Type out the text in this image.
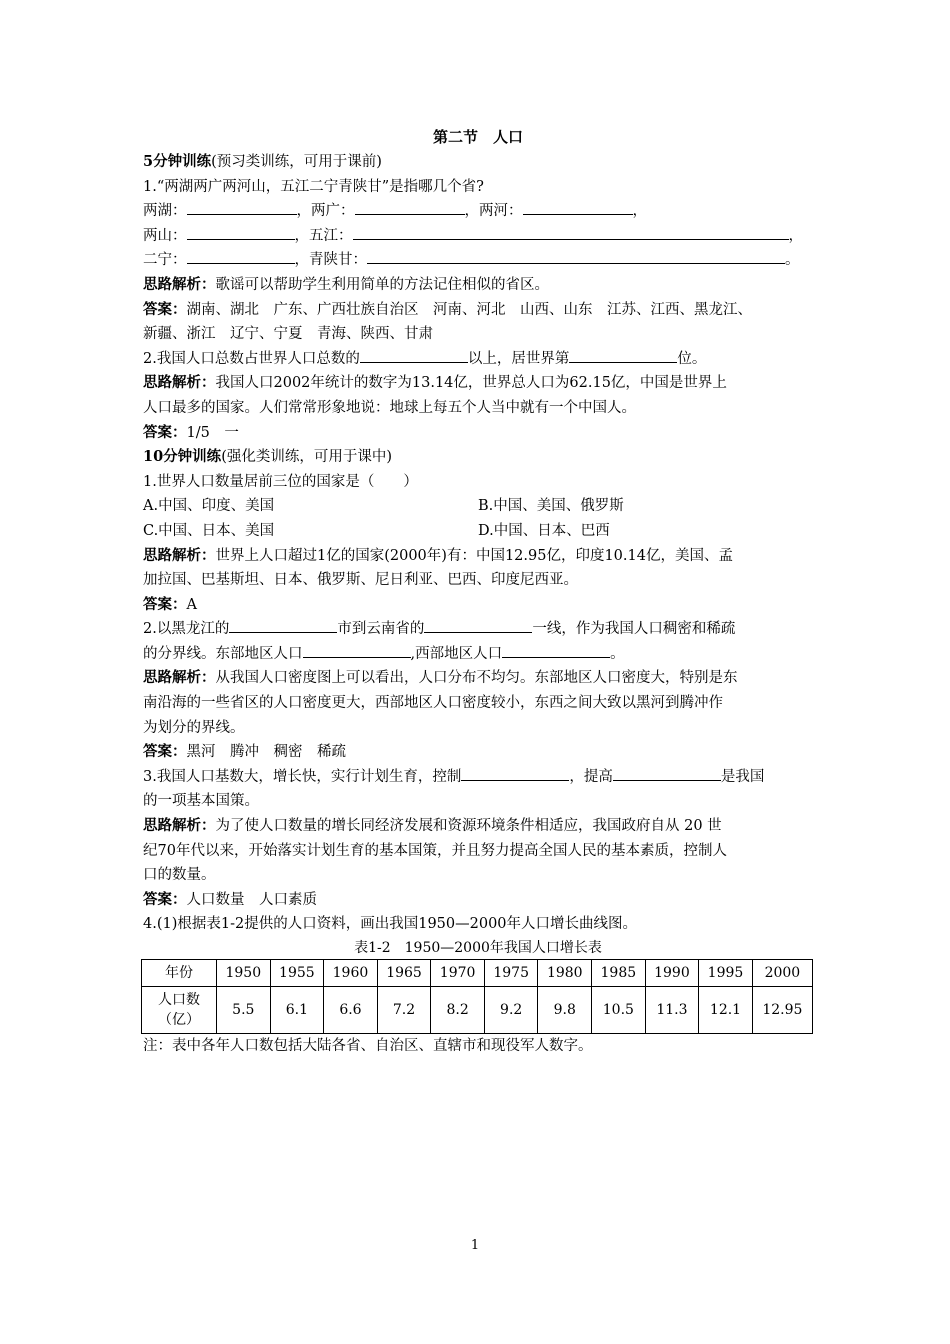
第二节　人口
5分钟训练(预习类训练，可用于课前)
1.“两湖两广两河山，五江二宁青陕甘”是指哪几个省?
两湖：	，两广：	，两河：	，
两山：	，五江：	，
二宁：	，青陕甘：	。
思路解析：歌谣可以帮助学生利用简单的方法记住相似的省区。
答案：湖南、湖北　广东、广西壮族自治区　河南、河北　山西、山东　江苏、江西、黑龙江、
新疆、浙江　辽宁、宁夏　青海、陕西、甘肃
2.我国人口总数占世界人口总数的	以上，居世界第	位。
思路解析：我国人口2002年统计的数字为13.14亿，世界总人口为62.15亿，中国是世界上
人口最多的国家。人们常常形象地说：地球上每五个人当中就有一个中国人。
答案：1/5　一
10分钟训练(强化类训练，可用于课中)
1.世界人口数量居前三位的国家是（　　）
A.中国、印度、美国	B.中国、美国、俄罗斯
C.中国、日本、美国	D.中国、日本、巴西
思路解析：世界上人口超过1亿的国家(2000年)有：中国12.95亿，印度10.14亿，美国、孟
加拉国、巴基斯坦、日本、俄罗斯、尼日利亚、巴西、印度尼西亚。
答案：A
2.以黑龙江的	市到云南省的	一线，作为我国人口稠密和稀疏
的分界线。东部地区人口	,西部地区人口	。
思路解析：从我国人口密度图上可以看出，人口分布不均匀。东部地区人口密度大，特别是东
南沿海的一些省区的人口密度更大，西部地区人口密度较小，东西之间大致以黑河到腾冲作
为划分的界线。
答案：黑河　腾冲　稠密　稀疏
3.我国人口基数大，增长快，实行计划生育，控制	，提高	是我国
的一项基本国策。
思路解析：为了使人口数量的增长同经济发展和资源环境条件相适应，我国政府自从 20 世
纪70年代以来，开始落实计划生育的基本国策，并且努力提高全国人民的基本素质，控制人
口的数量。
答案：人口数量　人口素质
4.(1)根据表1-2提供的人口资料，画出我国1950—2000年人口增长曲线图。
表1-2　1950—2000年我国人口增长表
年份	1950	1955	1960	1965	1970	1975	1980	1985	1990	1995	2000
人口数
（亿）	5.5	6.1	6.6	7.2	8.2	9.2	9.8	10.5	11.3	12.1	12.95
注：表中各年人口数包括大陆各省、自治区、直辖市和现役军人数字。
1
